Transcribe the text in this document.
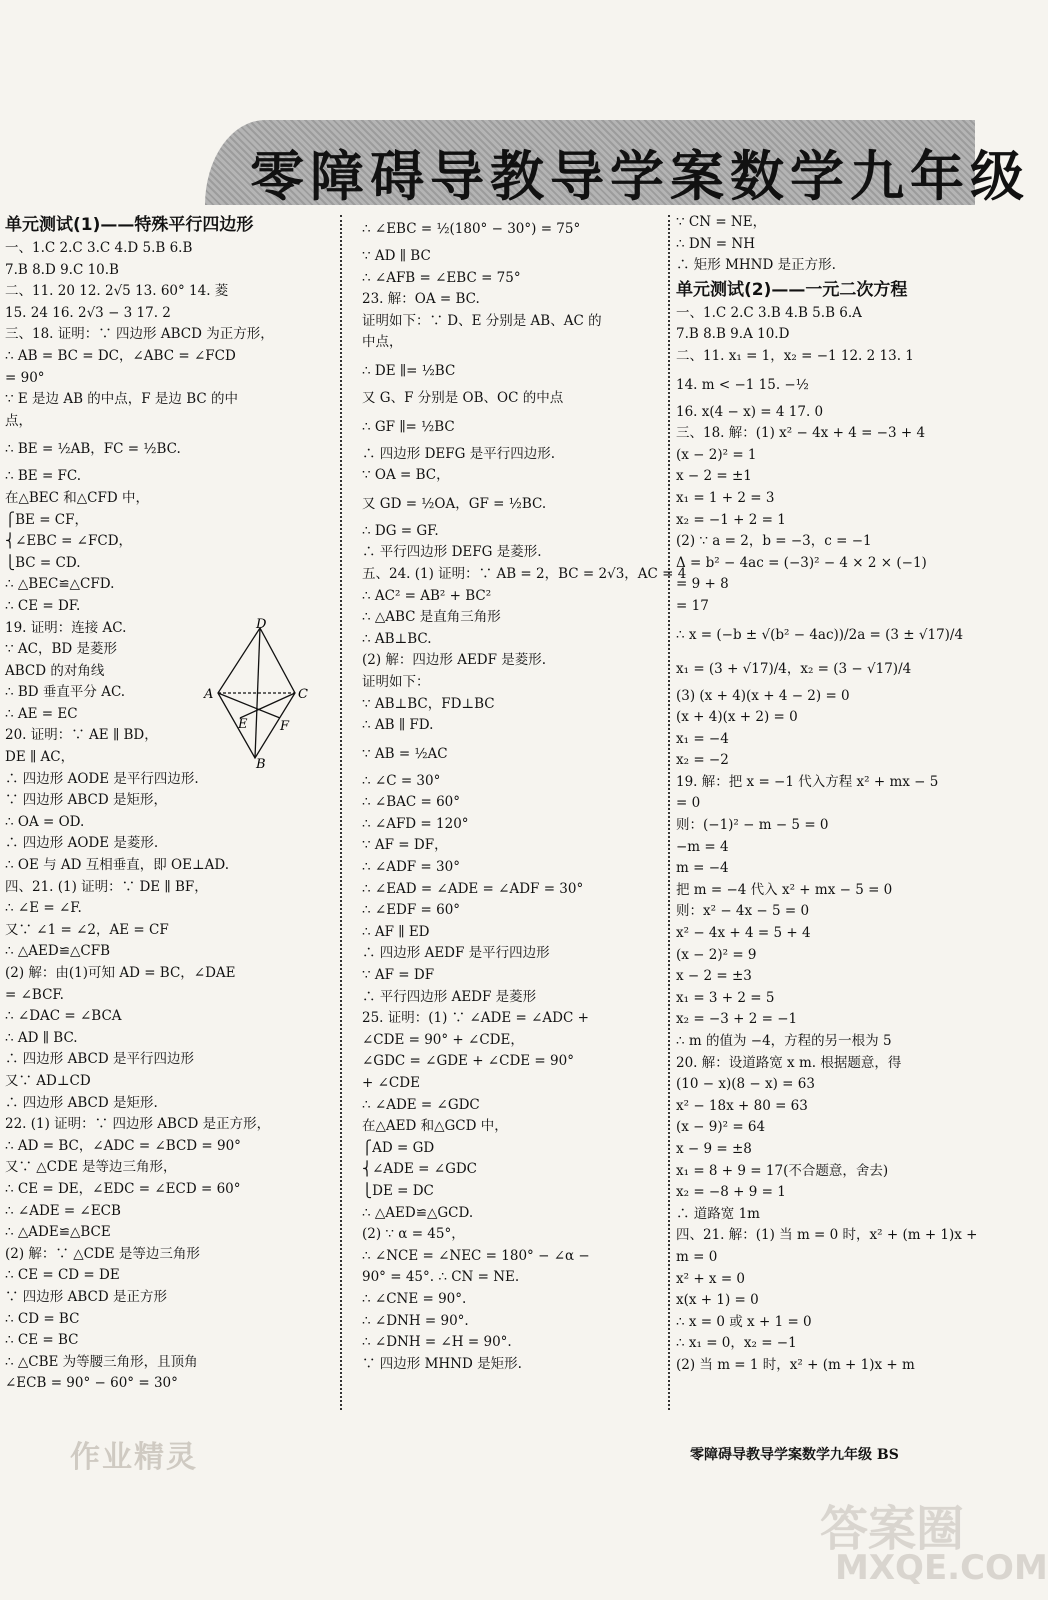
零障碍导教导学案数学九年级
单元测试(1)——特殊平行四边形
一、1.C 2.C 3.C 4.D 5.B 6.B
7.B 8.D 9.C 10.B
二、11. 20 12. 2√5 13. 60° 14. 菱
15. 24 16. 2√3 − 3 17. 2
三、18. 证明：∵ 四边形 ABCD 为正方形，
∴ AB = BC = DC，∠ABC = ∠FCD
= 90°
∵ E 是边 AB 的中点，F 是边 BC 的中
点，
∴ BE = ½AB，FC = ½BC.
∴ BE = FC.
在△BEC 和△CFD 中，
⎧BE = CF，
⎨∠EBC = ∠FCD，
⎩BC = CD.
∴ △BEC≌△CFD.
∴ CE = DF.
19. 证明：连接 AC.
∵ AC，BD 是菱形
ABCD 的对角线
∴ BD 垂直平分 AC.
∴ AE = EC
20. 证明：∵ AE ∥ BD，
DE ∥ AC，
∴ 四边形 AODE 是平行四边形.
∵ 四边形 ABCD 是矩形，
∴ OA = OD.
∴ 四边形 AODE 是菱形.
∴ OE 与 AD 互相垂直，即 OE⊥AD.
四、21. (1) 证明：∵ DE ∥ BF，
∴ ∠E = ∠F.
又∵ ∠1 = ∠2，AE = CF
∴ △AED≌△CFB
(2) 解：由(1)可知 AD = BC，∠DAE
= ∠BCF.
∴ ∠DAC = ∠BCA
∴ AD ∥ BC.
∴ 四边形 ABCD 是平行四边形
又∵ AD⊥CD
∴ 四边形 ABCD 是矩形.
22. (1) 证明：∵ 四边形 ABCD 是正方形，
∴ AD = BC，∠ADC = ∠BCD = 90°
又∵ △CDE 是等边三角形，
∴ CE = DE，∠EDC = ∠ECD = 60°
∴ ∠ADE = ∠ECB
∴ △ADE≌△BCE
(2) 解：∵ △CDE 是等边三角形
∴ CE = CD = DE
∵ 四边形 ABCD 是正方形
∴ CD = BC
∴ CE = BC
∴ △CBE 为等腰三角形，且顶角
∠ECB = 90° − 60° = 30°
∴ ∠EBC = ½(180° − 30°) = 75°
∵ AD ∥ BC
∴ ∠AFB = ∠EBC = 75°
23. 解：OA = BC.
证明如下：∵ D、E 分别是 AB、AC 的
中点，
∴ DE ∥= ½BC
又 G、F 分别是 OB、OC 的中点
∴ GF ∥= ½BC
∴ 四边形 DEFG 是平行四边形.
∵ OA = BC，
又 GD = ½OA，GF = ½BC.
∴ DG = GF.
∴ 平行四边形 DEFG 是菱形.
五、24. (1) 证明：∵ AB = 2，BC = 2√3，AC = 4
∴ AC² = AB² + BC²
∴ △ABC 是直角三角形
∴ AB⊥BC.
(2) 解：四边形 AEDF 是菱形.
证明如下：
∵ AB⊥BC，FD⊥BC
∴ AB ∥ FD.
∵ AB = ½AC
∴ ∠C = 30°
∴ ∠BAC = 60°
∴ ∠AFD = 120°
∵ AF = DF，
∴ ∠ADF = 30°
∴ ∠EAD = ∠ADE = ∠ADF = 30°
∴ ∠EDF = 60°
∴ AF ∥ ED
∴ 四边形 AEDF 是平行四边形
∵ AF = DF
∴ 平行四边形 AEDF 是菱形
25. 证明：(1) ∵ ∠ADE = ∠ADC +
∠CDE = 90° + ∠CDE，
∠GDC = ∠GDE + ∠CDE = 90°
+ ∠CDE
∴ ∠ADE = ∠GDC
在△AED 和△GCD 中，
⎧AD = GD
⎨∠ADE = ∠GDC
⎩DE = DC
∴ △AED≌△GCD.
(2) ∵ α = 45°，
∴ ∠NCE = ∠NEC = 180° − ∠α −
90° = 45°. ∴ CN = NE.
∴ ∠CNE = 90°.
∴ ∠DNH = 90°.
∴ ∠DNH = ∠H = 90°.
∵ 四边形 MHND 是矩形.
∵ CN = NE，
∴ DN = NH
∴ 矩形 MHND 是正方形.
单元测试(2)——一元二次方程
一、1.C 2.C 3.B 4.B 5.B 6.A
7.B 8.B 9.A 10.D
二、11. x₁ = 1，x₂ = −1 12. 2 13. 1
14. m < −1 15. −½
16. x(4 − x) = 4 17. 0
三、18. 解：(1) x² − 4x + 4 = −3 + 4
(x − 2)² = 1
x − 2 = ±1
x₁ = 1 + 2 = 3
x₂ = −1 + 2 = 1
(2) ∵ a = 2，b = −3，c = −1
Δ = b² − 4ac = (−3)² − 4 × 2 × (−1)
= 9 + 8
= 17
∴ x = (−b ± √(b² − 4ac))/2a = (3 ± √17)/4
x₁ = (3 + √17)/4，x₂ = (3 − √17)/4
(3) (x + 4)(x + 4 − 2) = 0
(x + 4)(x + 2) = 0
x₁ = −4
x₂ = −2
19. 解：把 x = −1 代入方程 x² + mx − 5
= 0
则：(−1)² − m − 5 = 0
−m = 4
m = −4
把 m = −4 代入 x² + mx − 5 = 0
则：x² − 4x − 5 = 0
x² − 4x + 4 = 5 + 4
(x − 2)² = 9
x − 2 = ±3
x₁ = 3 + 2 = 5
x₂ = −3 + 2 = −1
∴ m 的值为 −4，方程的另一根为 5
20. 解：设道路宽 x m. 根据题意，得
(10 − x)(8 − x) = 63
x² − 18x + 80 = 63
(x − 9)² = 64
x − 9 = ±8
x₁ = 8 + 9 = 17(不合题意，舍去)
x₂ = −8 + 9 = 1
∴ 道路宽 1m
四、21. 解：(1) 当 m = 0 时，x² + (m + 1)x +
m = 0
x² + x = 0
x(x + 1) = 0
∴ x = 0 或 x + 1 = 0
∴ x₁ = 0，x₂ = −1
(2) 当 m = 1 时，x² + (m + 1)x + m
D
A	C
E	F
B
作业精灵	零障碍导教导学案数学九年级 BS
答案圈
MXQE.COM
